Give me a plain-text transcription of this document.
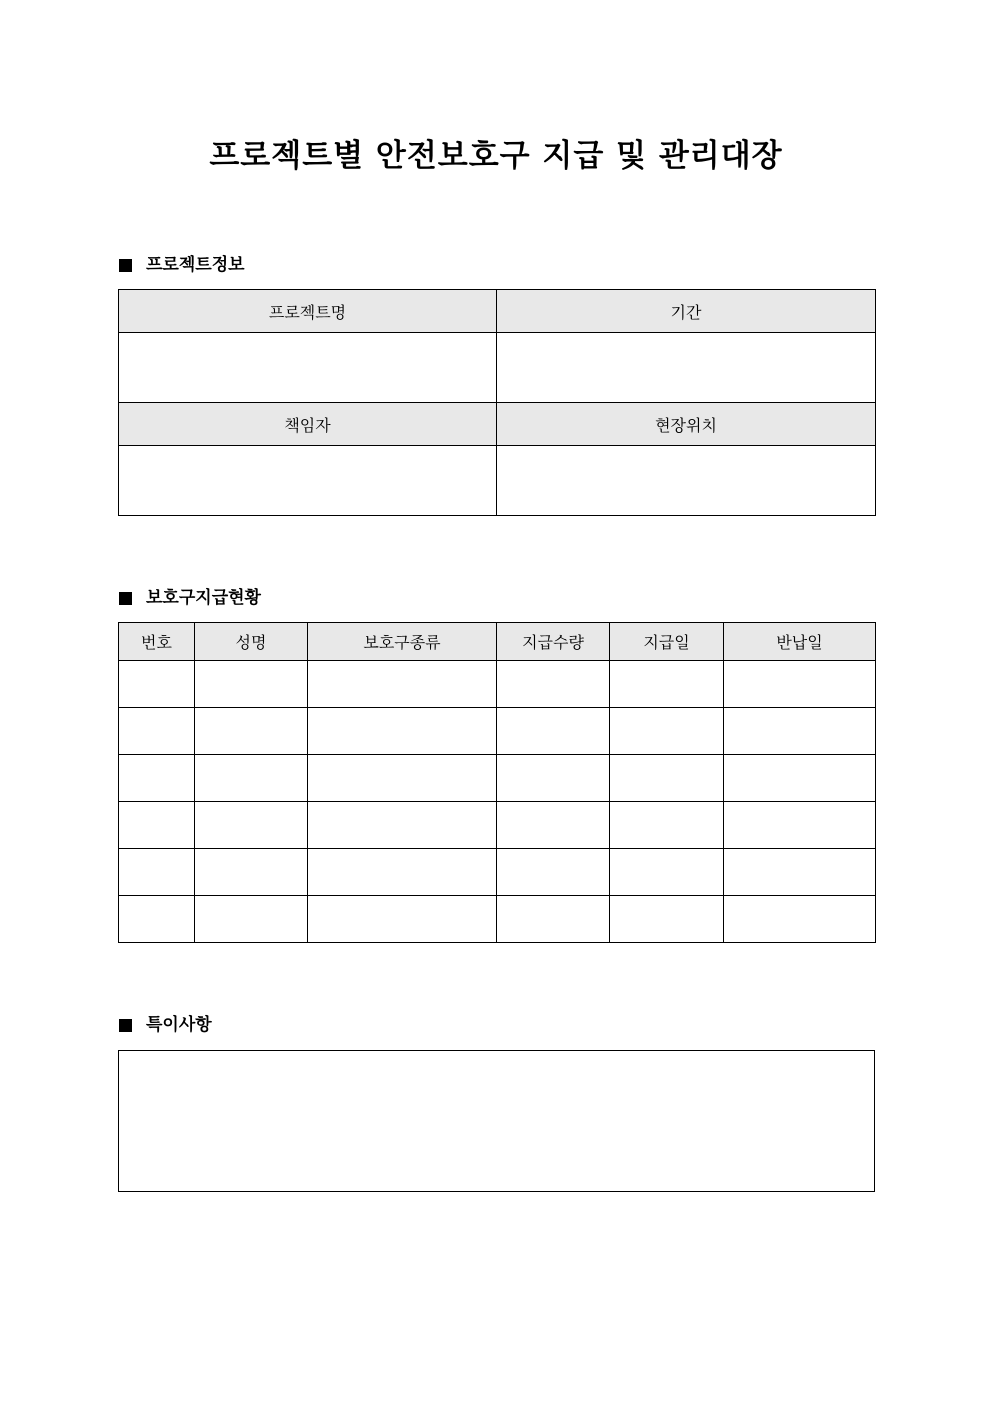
프로젝트별 안전보호구 지급 및 관리대장
프로젝트정보
프로젝트명	기간

책임자	현장위치

보호구지급현황
번호	성명	보호구종류	지급수량	지급일	반납일

특이사항
